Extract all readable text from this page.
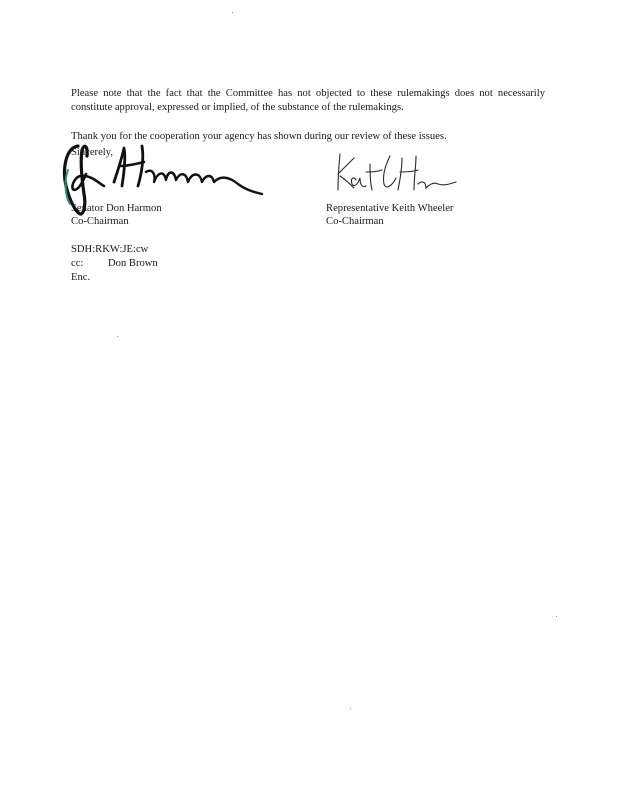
Please note that the fact that the Committee has not objected to these rulemakings does not necessarily constitute approval, expressed or implied, of the substance of the rulemakings.

Thank you for the cooperation your agency has shown during our review of these issues.

Sincerely,
Senator Don Harmon
Co-Chairman
Representative Keith Wheeler
Co-Chairman
SDH:RKW:JE:cw
cc:	Don Brown
Enc.
